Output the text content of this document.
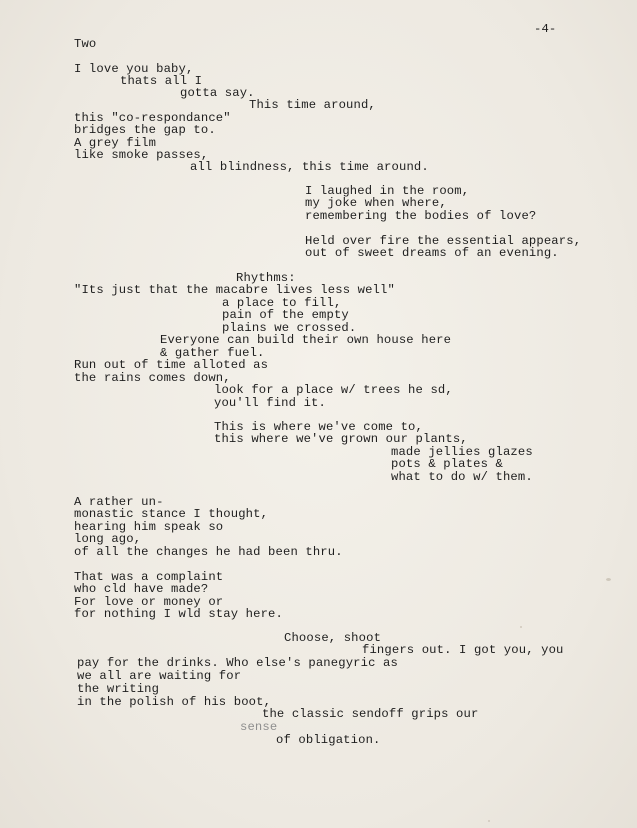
-4-
Two
I love you baby,
thats all I
gotta say.
This time around,
this "co-respondance"
bridges the gap to.
A grey film
like smoke passes,
all blindness, this time around.
I laughed in the room,
my joke when where,
remembering the bodies of love?
Held over fire the essential appears,
out of sweet dreams of an evening.
Rhythms:
"Its just that the macabre lives less well"
a place to fill,
pain of the empty
plains we crossed.
Everyone can build their own house here
& gather fuel.
Run out of time alloted as
the rains comes down,
look for a place w/ trees he sd,
you'll find it.
This is where we've come to,
this where we've grown our plants,
made jellies glazes
pots & plates &
what to do w/ them.
A rather un-
monastic stance I thought,
hearing him speak so
long ago,
of all the changes he had been thru.
That was a complaint
who cld have made?
For love or money or
for nothing I wld stay here.
Choose, shoot
fingers out. I got you, you
pay for the drinks. Who else's panegyric as
we all are waiting for
the writing
in the polish of his boot,
the classic sendoff grips our
sense
of obligation.
